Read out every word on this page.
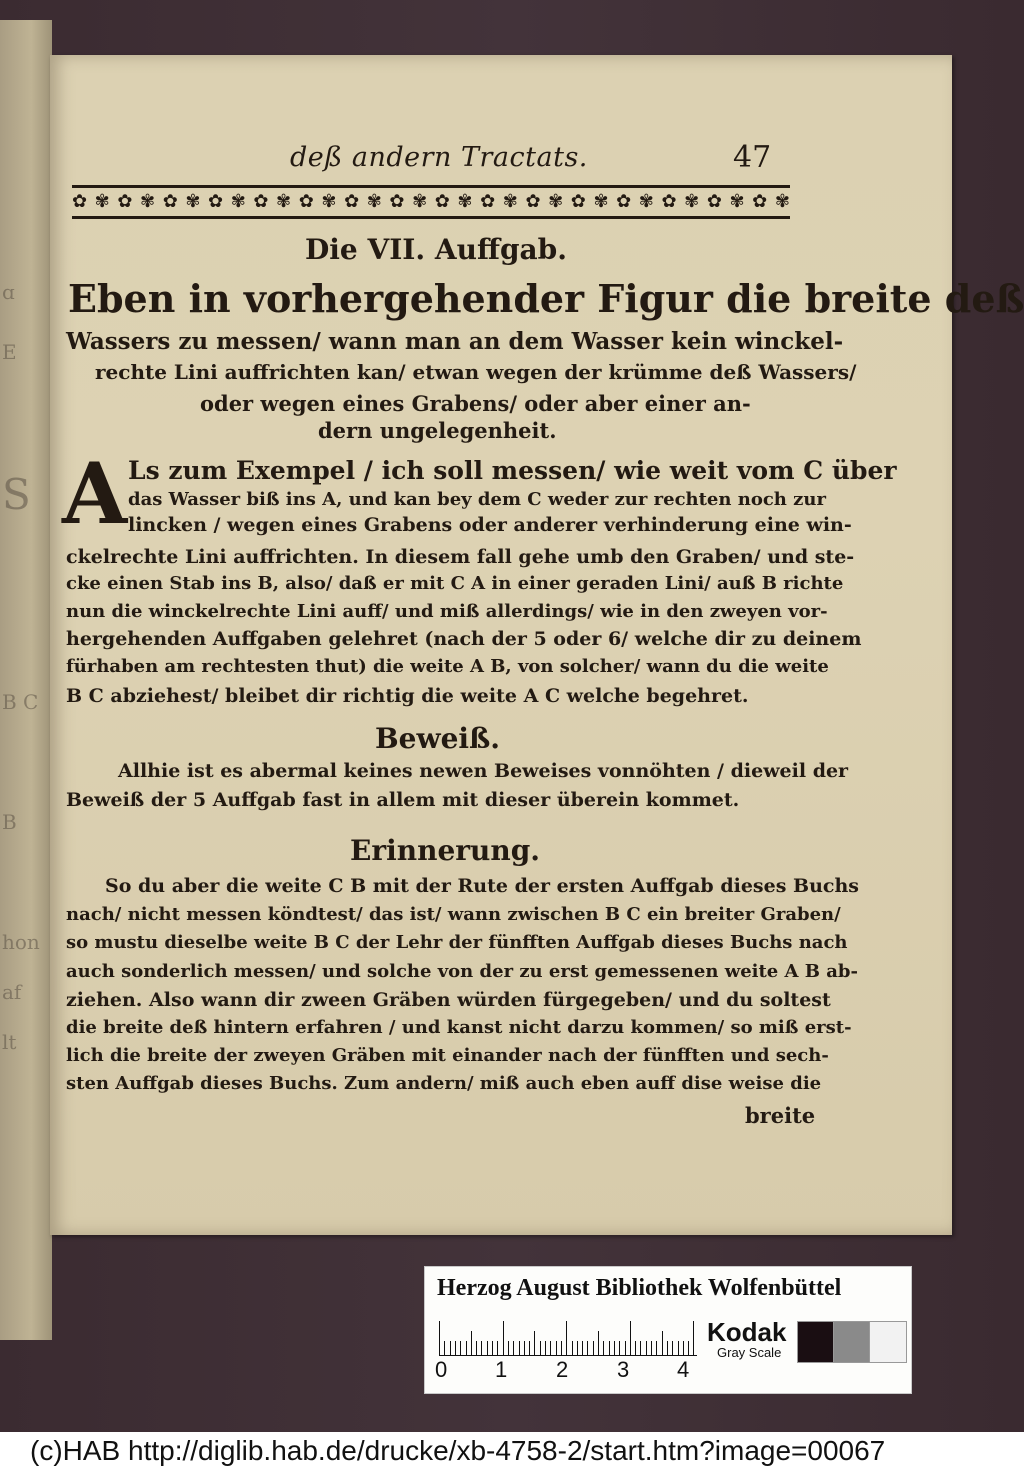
ɑ
E
S
B C
B
hon
af
lt
deß andern Tractats.	47
✿ ✾ ✿ ✾ ✿ ✾ ✿ ✾ ✿ ✾ ✿ ✾ ✿ ✾ ✿ ✾ ✿ ✾ ✿ ✾ ✿ ✾ ✿ ✾ ✿ ✾ ✿ ✾ ✿ ✾ ✿ ✾
Die VII. Auffgab.
Eben in vorhergehender Figur die breite deß
Wassers zu messen/ wann man an dem Wasser kein winckel-
rechte Lini auffrichten kan/ etwan wegen der krümme deß Wassers/
oder wegen eines Grabens/ oder aber einer an-
dern ungelegenheit.
A Ls zum Exempel / ich soll messen/ wie weit vom C über
das Wasser biß ins A, und kan bey dem C weder zur rechten noch zur
lincken / wegen eines Grabens oder anderer verhinderung eine win-
ckelrechte Lini auffrichten. In diesem fall gehe umb den Graben/ und ste-
cke einen Stab ins B, also/ daß er mit C A in einer geraden Lini/ auß B richte
nun die winckelrechte Lini auff/ und miß allerdings/ wie in den zweyen vor-
hergehenden Auffgaben gelehret (nach der 5 oder 6/ welche dir zu deinem
fürhaben am rechtesten thut) die weite A B, von solcher/ wann du die weite
B C abziehest/ bleibet dir richtig die weite A C welche begehret.
Beweiß.
Allhie ist es abermal keines newen Beweises vonnöhten / dieweil der
Beweiß der 5 Auffgab fast in allem mit dieser überein kommet.
Erinnerung.
So du aber die weite C B mit der Rute der ersten Auffgab dieses Buchs
nach/ nicht messen köndtest/ das ist/ wann zwischen B C ein breiter Graben/
so mustu dieselbe weite B C der Lehr der fünfften Auffgab dieses Buchs nach
auch sonderlich messen/ und solche von der zu erst gemessenen weite A B ab-
ziehen. Also wann dir zween Gräben würden fürgegeben/ und du soltest
die breite deß hintern erfahren / und kanst nicht darzu kommen/ so miß erst-
lich die breite der zweyen Gräben mit einander nach der fünfften und sech-
sten Auffgab dieses Buchs. Zum andern/ miß auch eben auff dise weise die
breite
Herzog August Bibliothek Wolfenbüttel
0 1 2 3 4
Kodak
Gray Scale
(c)HAB http://diglib.hab.de/drucke/xb-4758-2/start.htm?image=00067
